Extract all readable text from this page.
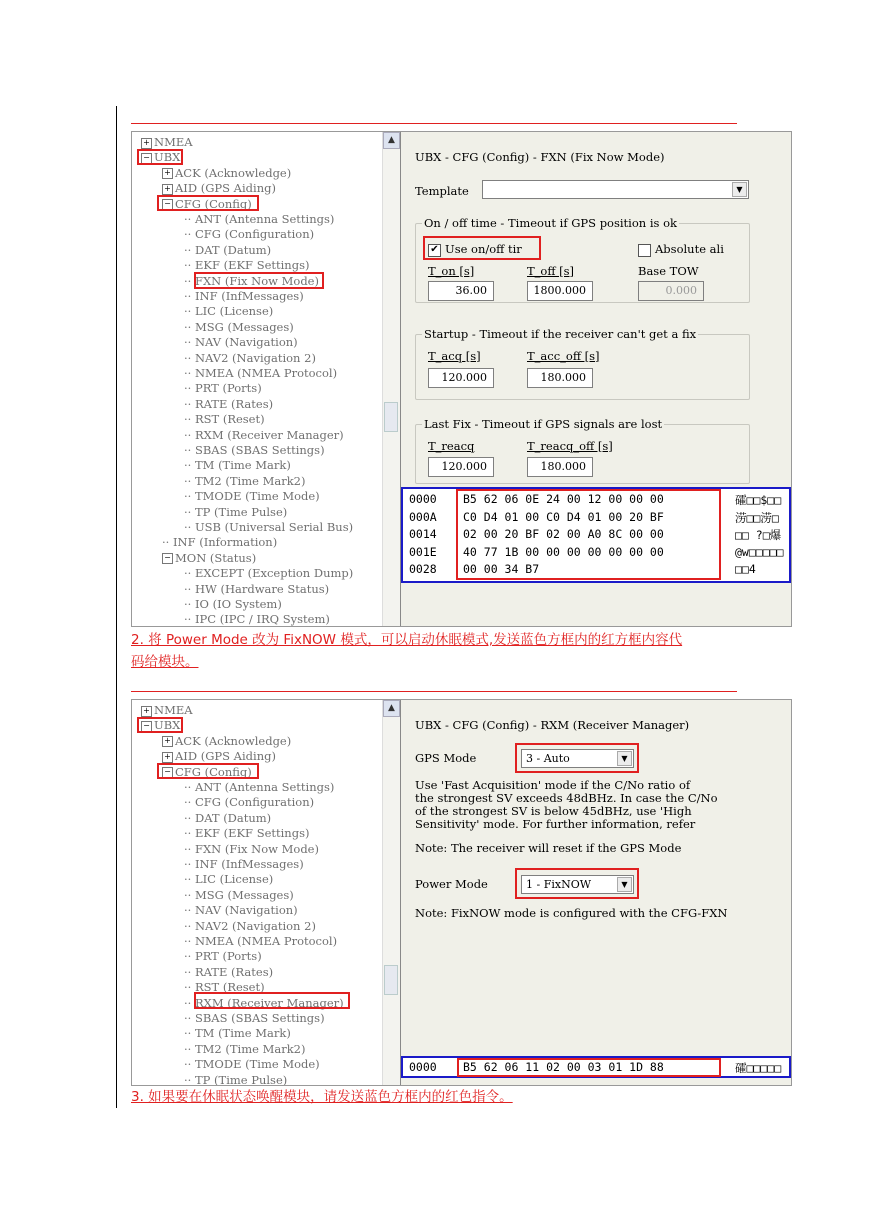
▲
+ NMEA
− UBX
+ ACK (Acknowledge)
+ AID (GPS Aiding)
− CFG (Config)
·· ANT (Antenna Settings)
·· CFG (Configuration)
·· DAT (Datum)
·· EKF (EKF Settings)
·· FXN (Fix Now Mode)
·· INF (InfMessages)
·· LIC (License)
·· MSG (Messages)
·· NAV (Navigation)
·· NAV2 (Navigation 2)
·· NMEA (NMEA Protocol)
·· PRT (Ports)
·· RATE (Rates)
·· RST (Reset)
·· RXM (Receiver Manager)
·· SBAS (SBAS Settings)
·· TM (Time Mark)
·· TM2 (Time Mark2)
·· TMODE (Time Mode)
·· TP (Time Pulse)
·· USB (Universal Serial Bus)
·· INF (Information)
− MON (Status)
·· EXCEPT (Exception Dump)
·· HW (Hardware Status)
·· IO (IO System)
·· IPC (IPC / IRQ System)
UBX - CFG (Config) - FXN (Fix Now Mode)
Template	▼
On / off time - Timeout if GPS position is ok
✔ Use on/off tir	Absolute ali
T_on [s]	T_off [s]	Base TOW
36.00	1800.000	0.000
Startup - Timeout if the receiver can't get a fix
T_acq [s]	T_acc_off [s]
120.000	180.000
Last Fix - Timeout if GPS signals are lost
T_reacq	T_reacq_off [s]
120.000	180.000
0000 B5 62 06 0E 24 00 12 00 00 00	礭□□$□□
000A C0 D4 01 00 C0 D4 01 00 20 BF	涝□□涝□
0014 02 00 20 BF 02 00 A0 8C 00 00	□□ ?□爆
001E 40 77 1B 00 00 00 00 00 00 00	@w□□□□□
0028 00 00 34 B7	□□4
2. 将 Power Mode 改为 FixNOW 模式，可以启动休眠模式,发送蓝色方框内的红方框内容代
码给模块。
▲
+ NMEA
− UBX
+ ACK (Acknowledge)
+ AID (GPS Aiding)
− CFG (Config)
·· ANT (Antenna Settings)
·· CFG (Configuration)
·· DAT (Datum)
·· EKF (EKF Settings)
·· FXN (Fix Now Mode)
·· INF (InfMessages)
·· LIC (License)
·· MSG (Messages)
·· NAV (Navigation)
·· NAV2 (Navigation 2)
·· NMEA (NMEA Protocol)
·· PRT (Ports)
·· RATE (Rates)
·· RST (Reset)
·· RXM (Receiver Manager)
·· SBAS (SBAS Settings)
·· TM (Time Mark)
·· TM2 (Time Mark2)
·· TMODE (Time Mode)
·· TP (Time Pulse)
UBX - CFG (Config) - RXM (Receiver Manager)
GPS Mode	3 - Auto	▼
Use 'Fast Acquisition' mode if the C/No ratio of
the strongest SV exceeds 48dBHz. In case the C/No
of the strongest SV is below 45dBHz, use 'High
Sensitivity' mode. For further information, refer
Note: The receiver will reset if the GPS Mode
Power Mode	1 - FixNOW	▼
Note: FixNOW mode is configured with the CFG-FXN
0000 B5 62 06 11 02 00 03 01 1D 88	礭□□□□□
3. 如果要在休眠状态唤醒模块，请发送蓝色方框内的红色指令。
